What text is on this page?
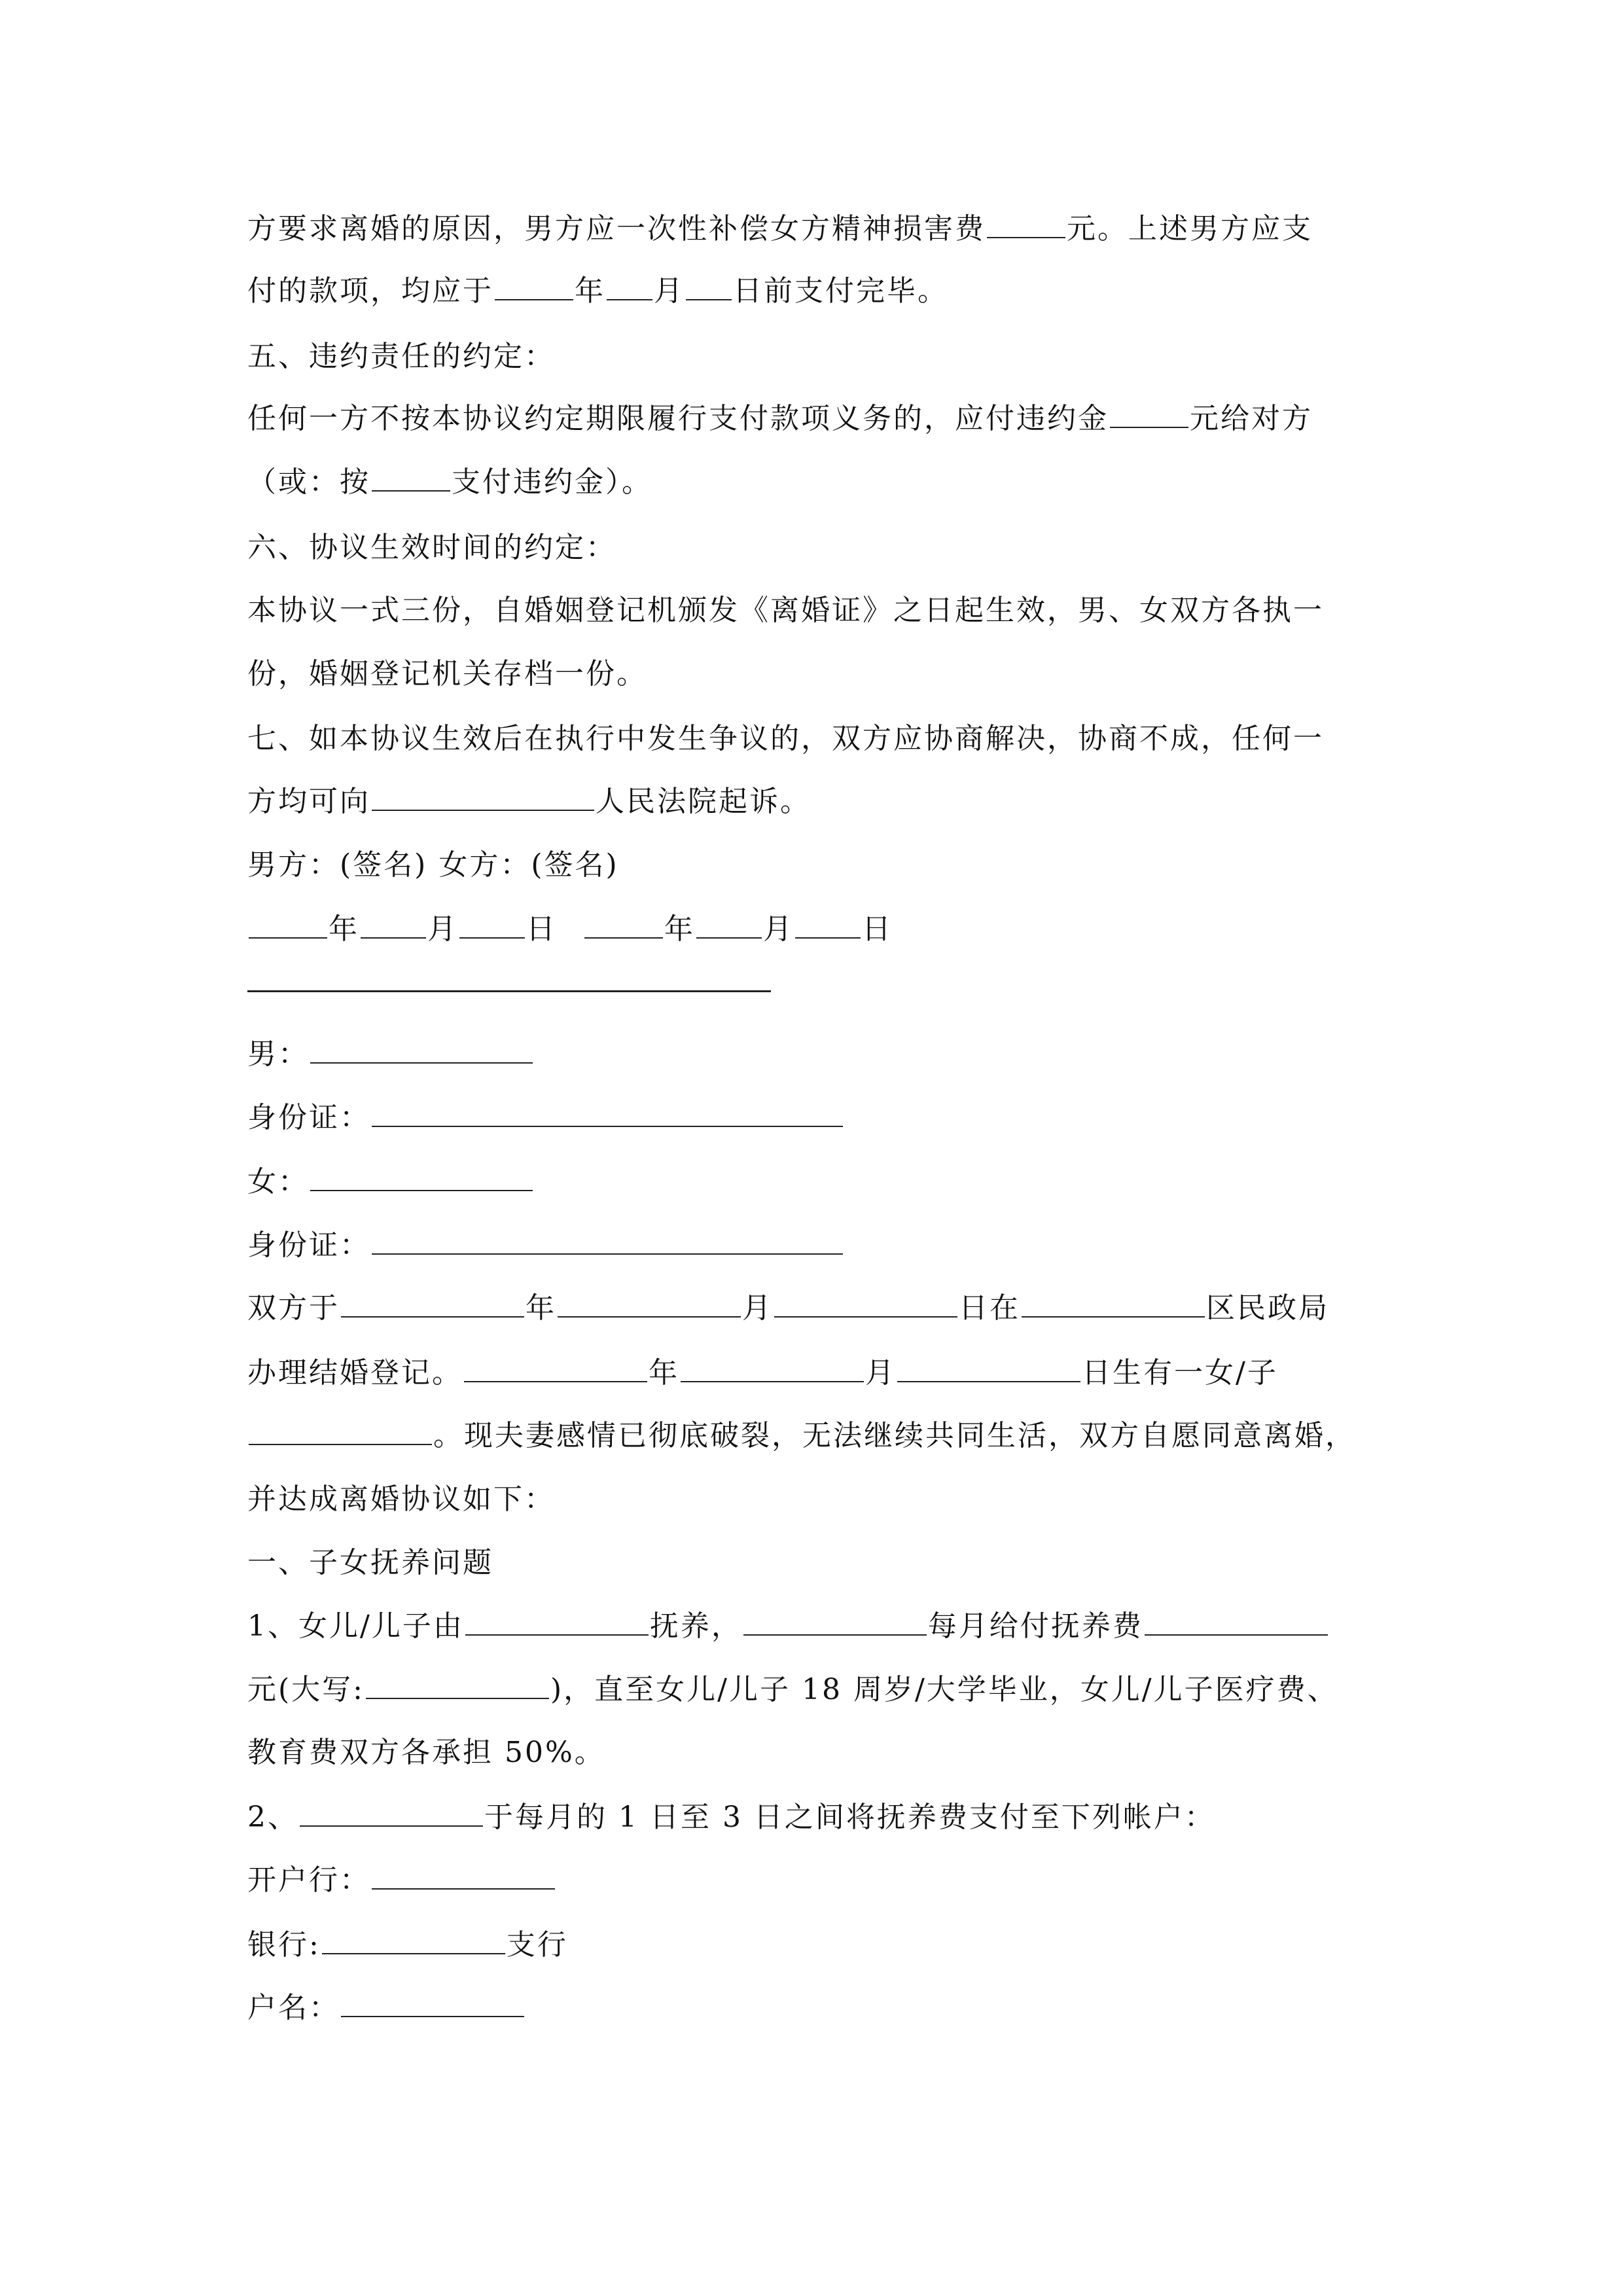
方要求离婚的原因，男方应一次性补偿女方精神损害费	元。上述男方应支
付的款项，均应于	年 月 日前支付完毕。
五、违约责任的约定：
任何一方不按本协议约定期限履行支付款项义务的，应付违约金	元给对方
（或：按	支付违约金）。
六、协议生效时间的约定：
本协议一式三份，自婚姻登记机颁发《离婚证》之日起生效，男、女双方各执一
份，婚姻登记机关存档一份。
七、如本协议生效后在执行中发生争议的，双方应协商解决，协商不成，任何一
方均可向	人民法院起诉。
男方：(签名) 女方：(签名)
年 月 日	年 月 日
男：
身份证：
女：
身份证：
双方于	年	月	日在	区民政局
办理结婚登记。	年	月	日生有一女/子
。现夫妻感情已彻底破裂，无法继续共同生活，双方自愿同意离婚，
并达成离婚协议如下：
一、子女抚养问题
1、女儿/儿子由	抚养，	每月给付抚养费
元(大写:	)，直至女儿/儿子 18 周岁/大学毕业，女儿/儿子医疗费、
教育费双方各承担 50%。
2、	于每月的 1 日至 3 日之间将抚养费支付至下列帐户：
开户行：
银行:	支行
户名：
